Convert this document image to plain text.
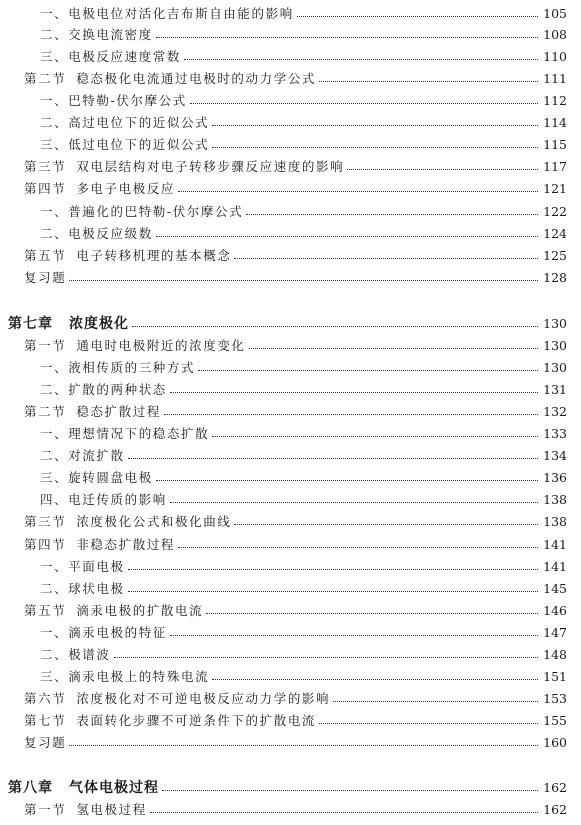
一、电极电位对活化吉布斯自由能的影响	105
二、交换电流密度	108
三、电极反应速度常数	110
第二节 稳态极化电流通过电极时的动力学公式	111
一、巴特勒-伏尔摩公式	112
二、高过电位下的近似公式	114
三、低过电位下的近似公式	115
第三节 双电层结构对电子转移步骤反应速度的影响	117
第四节 多电子电极反应	121
一、普遍化的巴特勒-伏尔摩公式	122
二、电极反应级数	124
第五节 电子转移机理的基本概念	125
复习题	128
第七章 浓度极化	130
第一节 通电时电极附近的浓度变化	130
一、液相传质的三种方式	130
二、扩散的两种状态	131
第二节 稳态扩散过程	132
一、理想情况下的稳态扩散	133
二、对流扩散	134
三、旋转圆盘电极	136
四、电迁传质的影响	138
第三节 浓度极化公式和极化曲线	138
第四节 非稳态扩散过程	141
一、平面电极	141
二、球状电极	145
第五节 滴汞电极的扩散电流	146
一、滴汞电极的特征	147
二、极谱波	148
三、滴汞电极上的特殊电流	151
第六节 浓度极化对不可逆电极反应动力学的影响	153
第七节 表面转化步骤不可逆条件下的扩散电流	155
复习题	160
第八章 气体电极过程	162
第一节 氢电极过程	162
